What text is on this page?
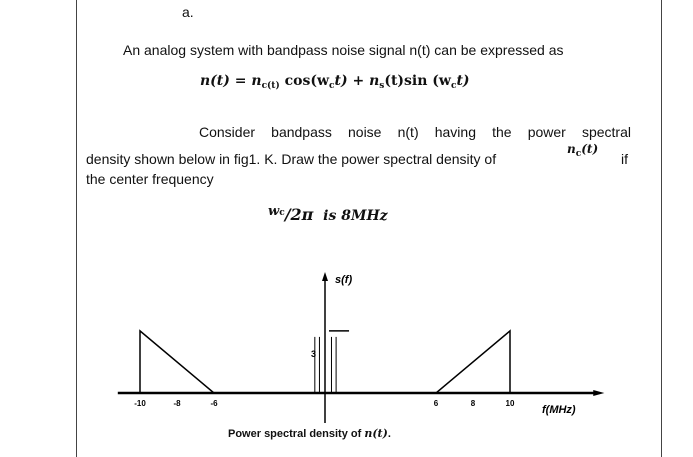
a.
An analog system with bandpass noise signal n(t) can be expressed as
$n(t) = n_{c(t)}$ $\cos(w_ct) + n_s(t)\sin$ $(w_ct)$
Consider  bandpass  noise  n(t)  having  the  power  spectral
density shown below in fig1. K. Draw the power spectral density of
$n_c(t)$
if
the center frequency
$w^c/2\pi$ is 8MHz
-10	-8	-6	6	8	10
s(f)
f(MHz)
3
Power spectral density of n(t).
